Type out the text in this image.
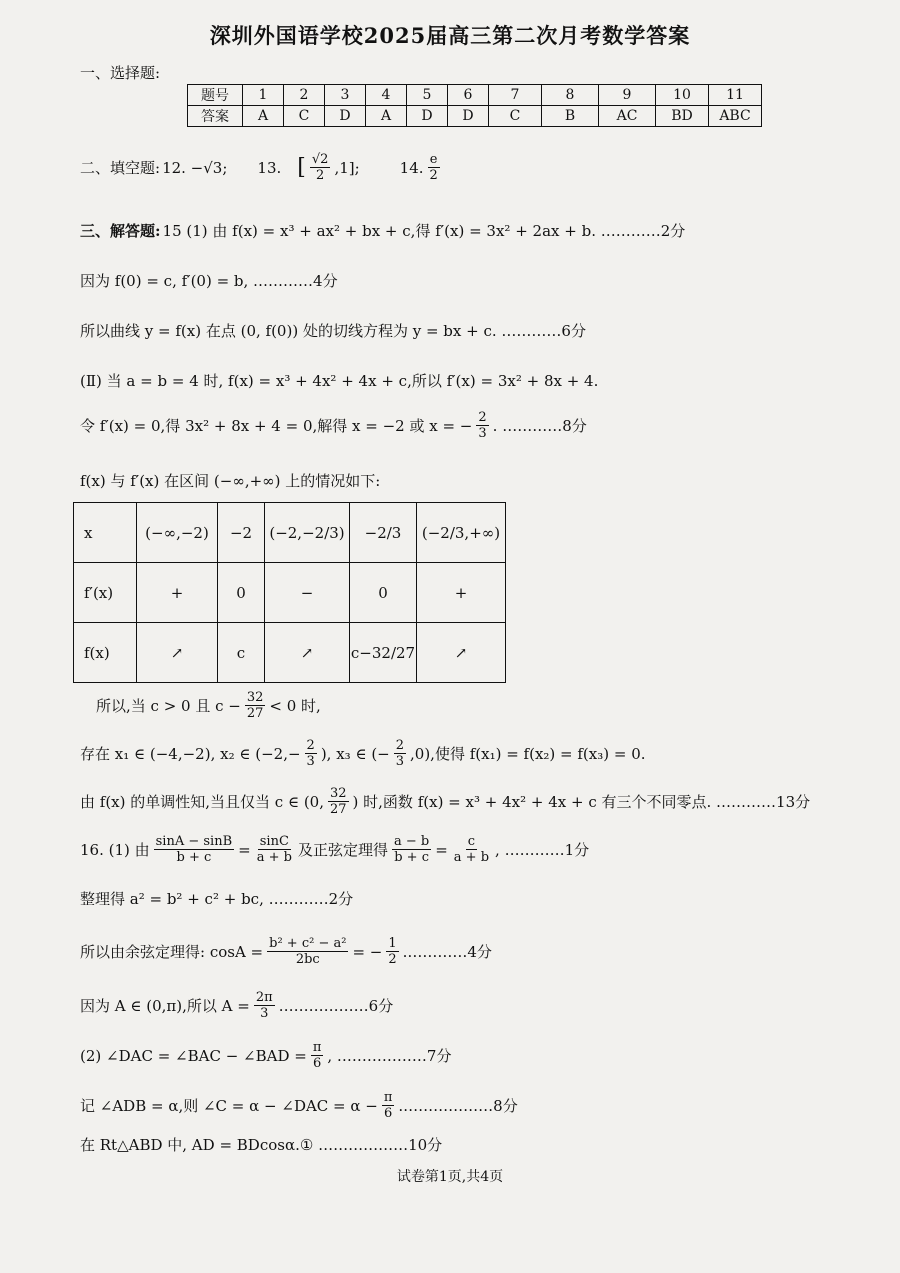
深圳外国语学校2025届高三第二次月考数学答案
一、选择题:
题号	1	2	3	4	5	6	7	8	9	10	11
答案	A	C	D	A	D	D	C	B	AC	BD	ABC
二、填空题: 12. −√3; 13. [ $\frac{√2}{2} ,1$];	14. $\frac{e}{2}$
三、解答题: 15 (1) 由 f(x) = x³ + ax² + bx + c,得 f′(x) = 3x² + 2ax + b. …………2分
因为 f(0) = c, f′(0) = b, …………4分
所以曲线 y = f(x) 在点 (0, f(0)) 处的切线方程为 y = bx + c. …………6分
(Ⅱ) 当 a = b = 4 时, f(x) = x³ + 4x² + 4x + c,所以 f′(x) = 3x² + 8x + 4.
令 f′(x) = 0,得 3x² + 8x + 4 = 0,解得 x = −2 或 x = − $\frac{2}{3}$ . …………8分
f(x) 与 f′(x) 在区间 (−∞,+∞) 上的情况如下:
x	(−∞,−2)	−2	(−2,−2/3)	−2/3	(−2/3,+∞)
f′(x)	+	0	−	0	+
f(x)	↗	c	↗	c−32/27	↗
所以,当 c > 0 且 $c - \frac{32}{27} < 0$ 时,
存在 x₁ ∈ (−4,−2), x₂ ∈ ($-2,- \frac{2}{3}$ ), x₃ ∈ (− $\frac{2}{3} ,0$),使得 f(x₁) = f(x₂) = f(x₃) = 0.
由 f(x) 的单调性知,当且仅当 c ∈ (0, $\frac{32}{27}$ ) 时,函数 f(x) = x³ + 4x² + 4x + c 有三个不同零点. …………13分
16. (1) 由 $\frac{\sin A - \sin B}{b + c} = \frac{\sin C}{a + b}$ 及正弦定理得 $\frac{a - b}{b + c} = \frac{c}{a + b}$ , …………1分
整理得 a² = b² + c² + bc, …………2分
所以由余弦定理得: $\cos A = \frac{\text{b² + c² − a²}}{2bc}$ = − $\frac{1}{2}$ .…………4分
因为 A ∈ (0,π),所以 $A = \frac{2\pi}{3}$ ………………6分
(2) ∠DAC = ∠BAC − ∠BAD = $\frac{\pi}{6}$ , ………………7分
记 ∠ADB = α,则 ∠C = α − ∠DAC = $\alpha - \frac{\pi}{6}$ .………………8分
在 Rt△ABD 中, AD = BDcosα.① ………………10分
试卷第1页,共4页
